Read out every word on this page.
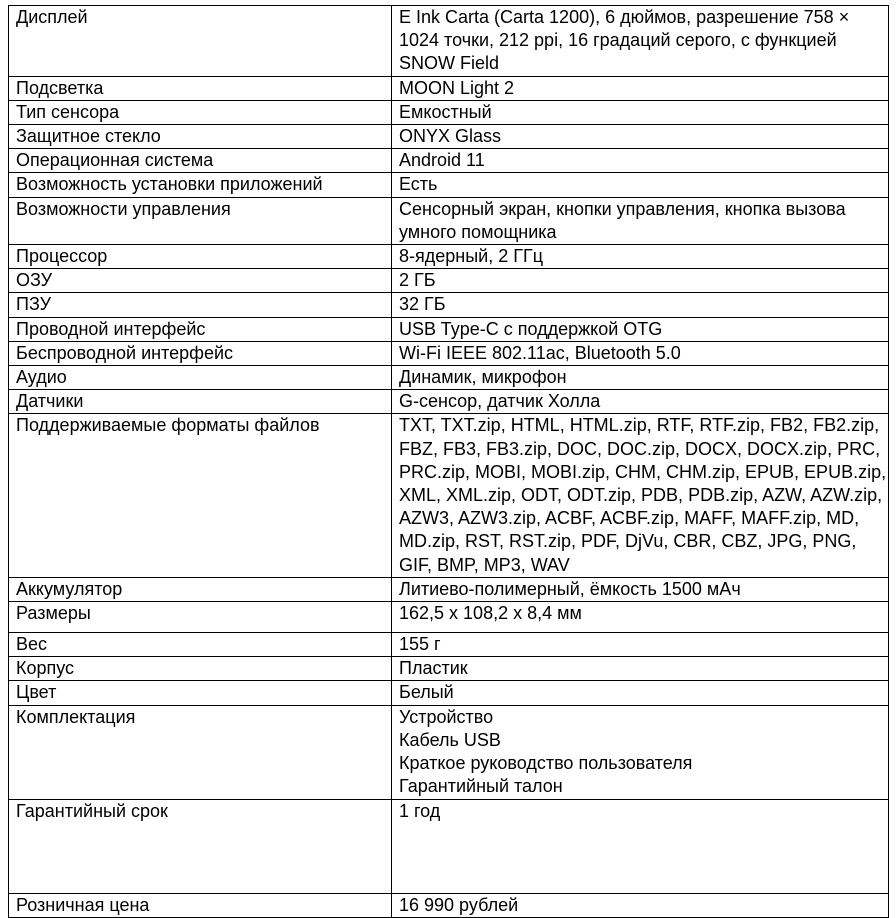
Дисплей	E Ink Carta (Carta 1200), 6 дюймов, разрешение 758 × 1024 точки, 212 ppi, 16 градаций серого, с функцией SNOW Field
Подсветка	MOON Light 2
Тип сенсора	Емкостный
Защитное стекло	ONYX Glass
Операционная система	Android 11
Возможность установки приложений	Есть
Возможности управления	Сенсорный экран, кнопки управления, кнопка вызова умного помощника
Процессор	8-ядерный, 2 ГГц
ОЗУ	2 ГБ
ПЗУ	32 ГБ
Проводной интерфейс	USB Type-C с поддержкой OTG
Беспроводной интерфейс	Wi-Fi IEEE 802.11ac, Bluetooth 5.0
Аудио	Динамик, микрофон
Датчики	G-сенсор, датчик Холла
Поддерживаемые форматы файлов	TXT, TXT.zip, HTML, HTML.zip, RTF, RTF.zip, FB2, FB2.zip, FBZ, FB3, FB3.zip, DOC, DOC.zip, DOCX, DOCX.zip, PRC, PRC.zip, MOBI, MOBI.zip, CHM, CHM.zip, EPUB, EPUB.zip, XML, XML.zip, ODT, ODT.zip, PDB, PDB.zip, AZW, AZW.zip, AZW3, AZW3.zip, ACBF, ACBF.zip, MAFF, MAFF.zip, MD, MD.zip, RST, RST.zip, PDF, DjVu, CBR, CBZ, JPG, PNG, GIF, BMP, MP3, WAV
Аккумулятор	Литиево-полимерный, ёмкость 1500 мАч
Размеры	162,5 x 108,2 x 8,4 мм
Вес	155 г
Корпус	Пластик
Цвет	Белый
Комплектация	Устройство
Кабель USB
Краткое руководство пользователя
Гарантийный талон
Гарантийный срок	1 год
Розничная цена	16 990 рублей
